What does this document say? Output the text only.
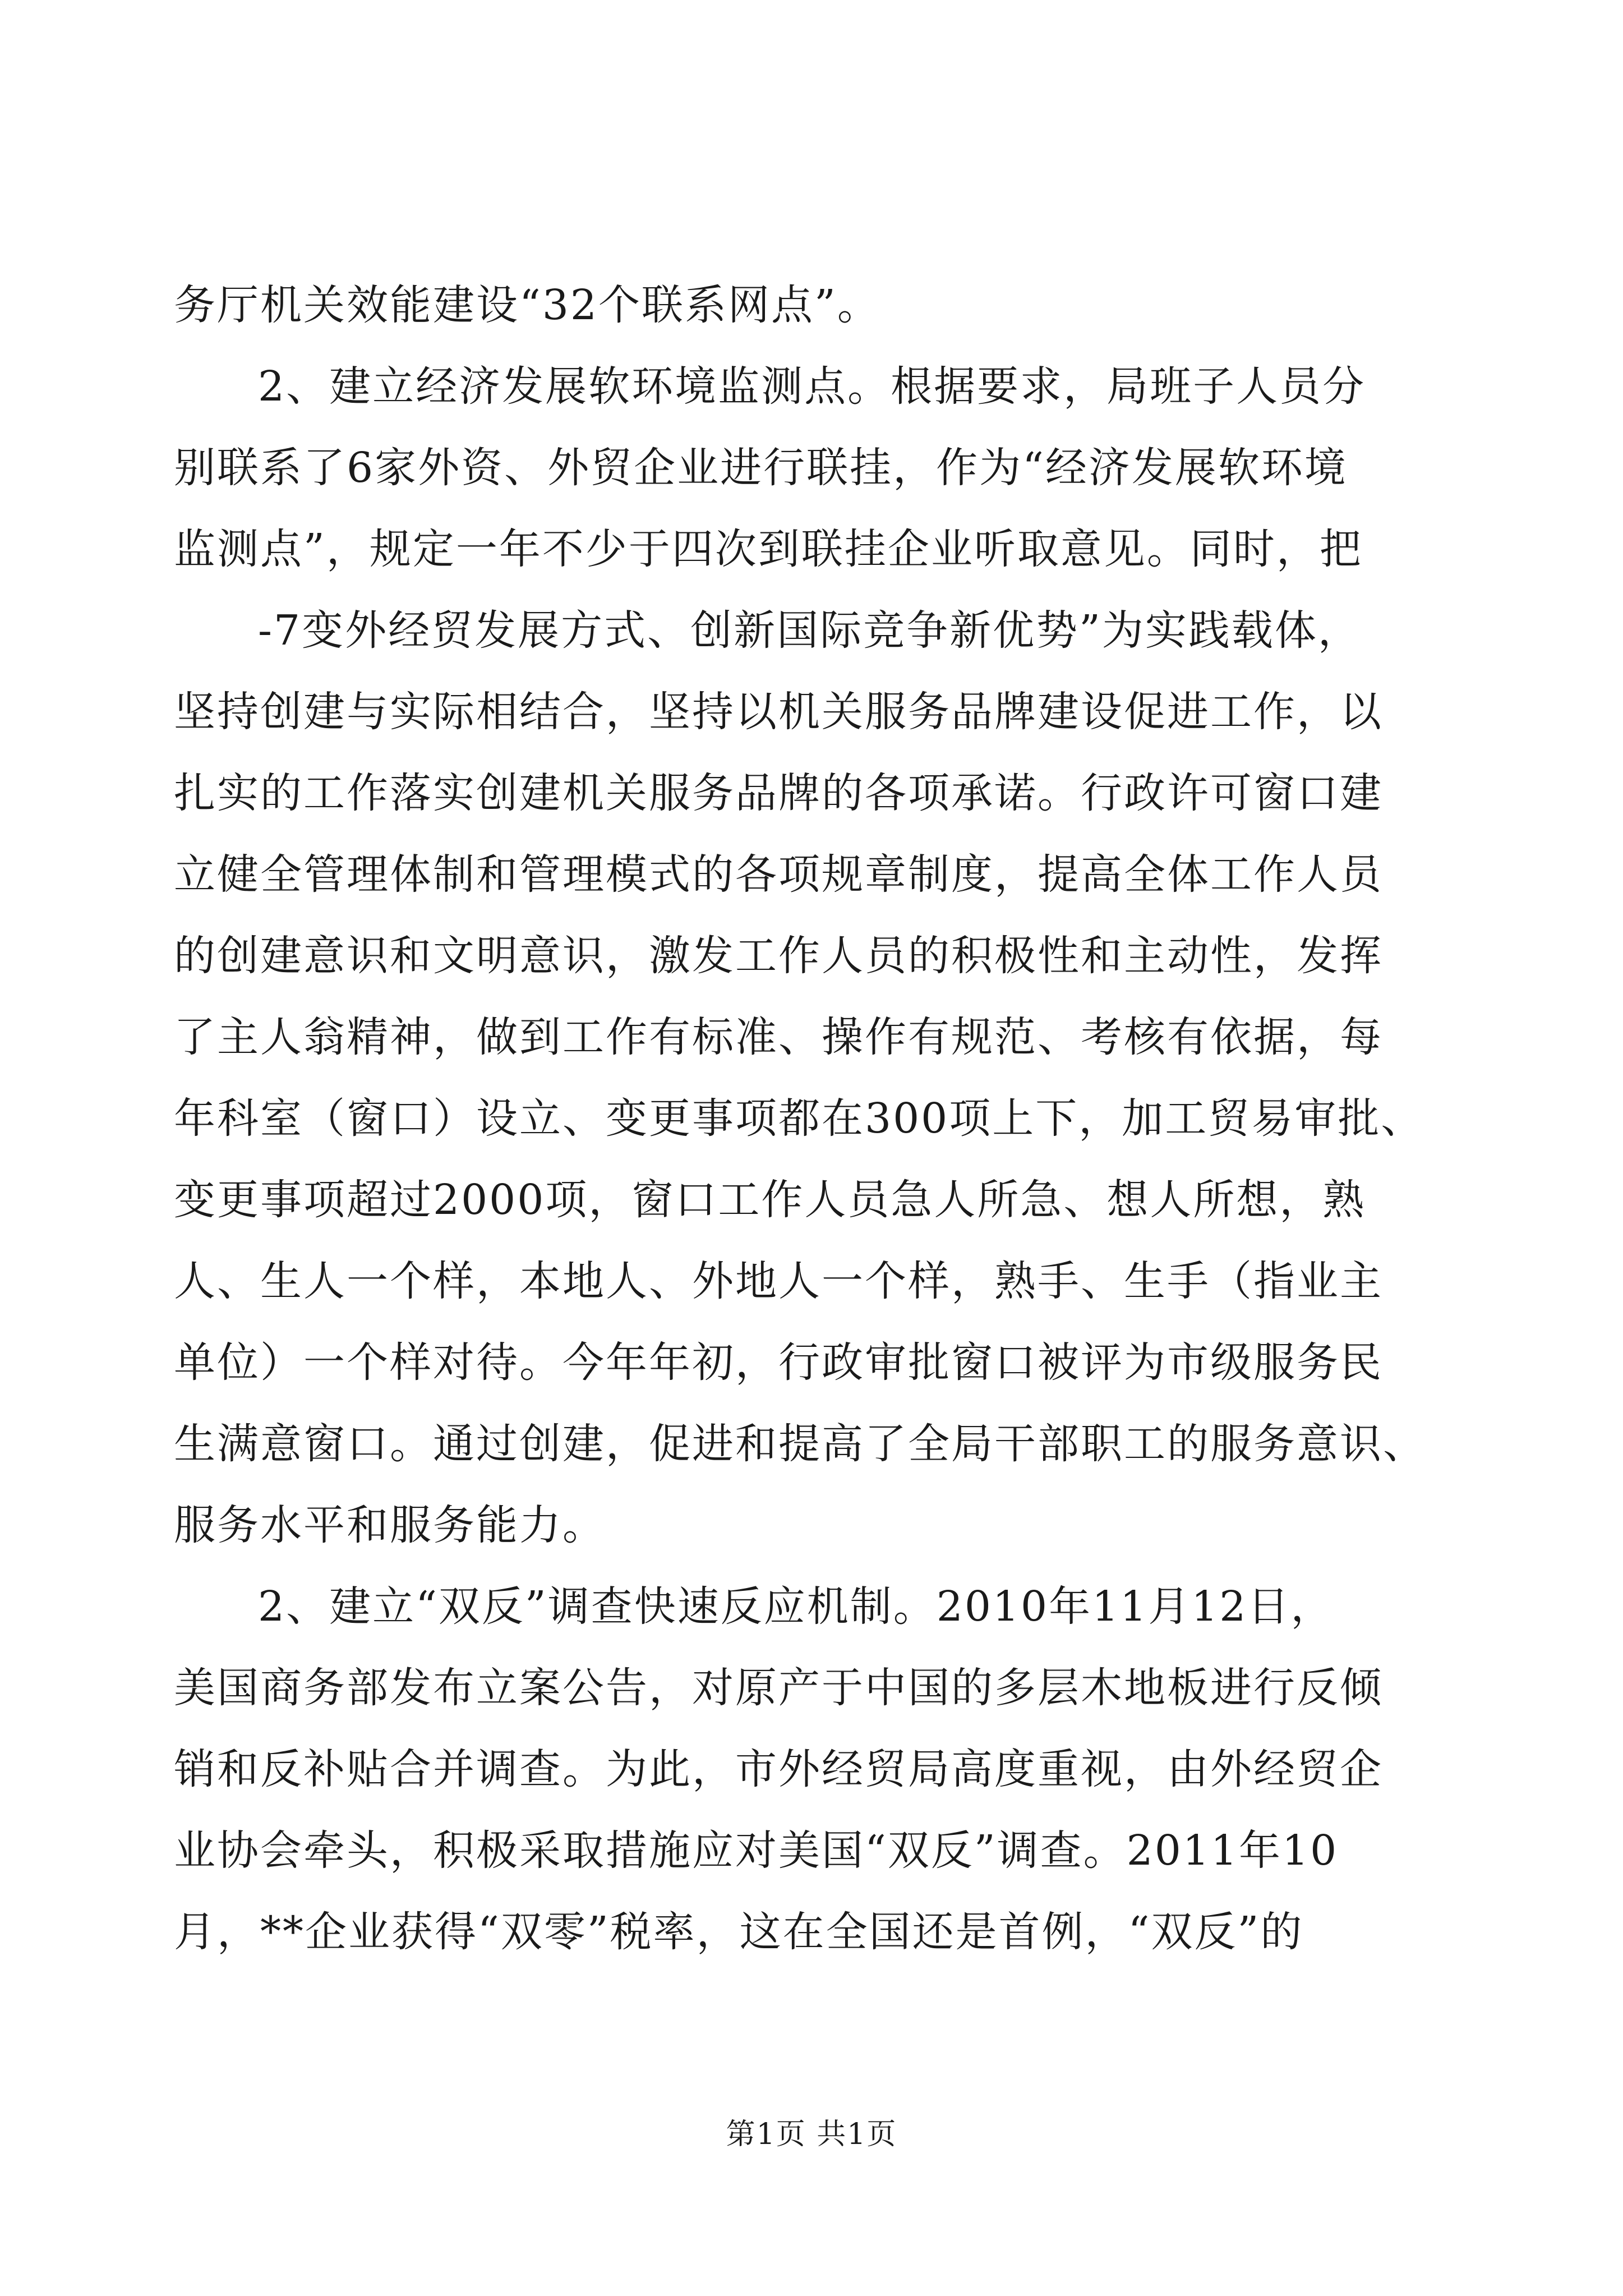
务厅机关效能建设“32个联系网点”。
2、建立经济发展软环境监测点。根据要求，局班子人员分
别联系了6家外资、外贸企业进行联挂，作为“经济发展软环境
监测点”，规定一年不少于四次到联挂企业听取意见。同时，把
-7变外经贸发展方式、创新国际竞争新优势”为实践载体，
坚持创建与实际相结合，坚持以机关服务品牌建设促进工作，以
扎实的工作落实创建机关服务品牌的各项承诺。行政许可窗口建
立健全管理体制和管理模式的各项规章制度，提高全体工作人员
的创建意识和文明意识，激发工作人员的积极性和主动性，发挥
了主人翁精神，做到工作有标准、操作有规范、考核有依据，每
年科室（窗口）设立、变更事项都在300项上下，加工贸易审批、
变更事项超过2000项，窗口工作人员急人所急、想人所想，熟
人、生人一个样，本地人、外地人一个样，熟手、生手（指业主
单位）一个样对待。今年年初，行政审批窗口被评为市级服务民
生满意窗口。通过创建，促进和提高了全局干部职工的服务意识、
服务水平和服务能力。
2、建立“双反”调查快速反应机制。2010年11月12日，
美国商务部发布立案公告，对原产于中国的多层木地板进行反倾
销和反补贴合并调查。为此，市外经贸局高度重视，由外经贸企
业协会牵头，积极采取措施应对美国“双反”调查。2011年10
月，**企业获得“双零”税率，这在全国还是首例，“双反”的
第1页 共1页
